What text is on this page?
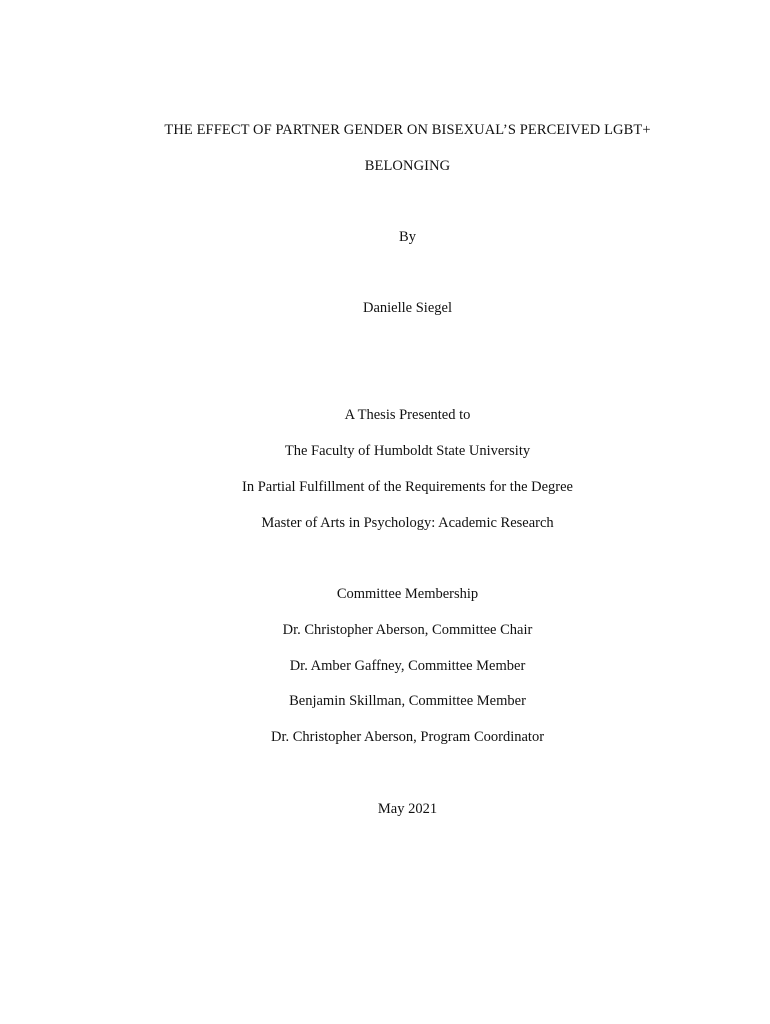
THE EFFECT OF PARTNER GENDER ON BISEXUAL’S PERCEIVED LGBT+
BELONGING
By
Danielle Siegel
A Thesis Presented to
The Faculty of Humboldt State University
In Partial Fulfillment of the Requirements for the Degree
Master of Arts in Psychology: Academic Research
Committee Membership
Dr. Christopher Aberson, Committee Chair
Dr. Amber Gaffney, Committee Member
Benjamin Skillman, Committee Member
Dr. Christopher Aberson, Program Coordinator
May 2021
